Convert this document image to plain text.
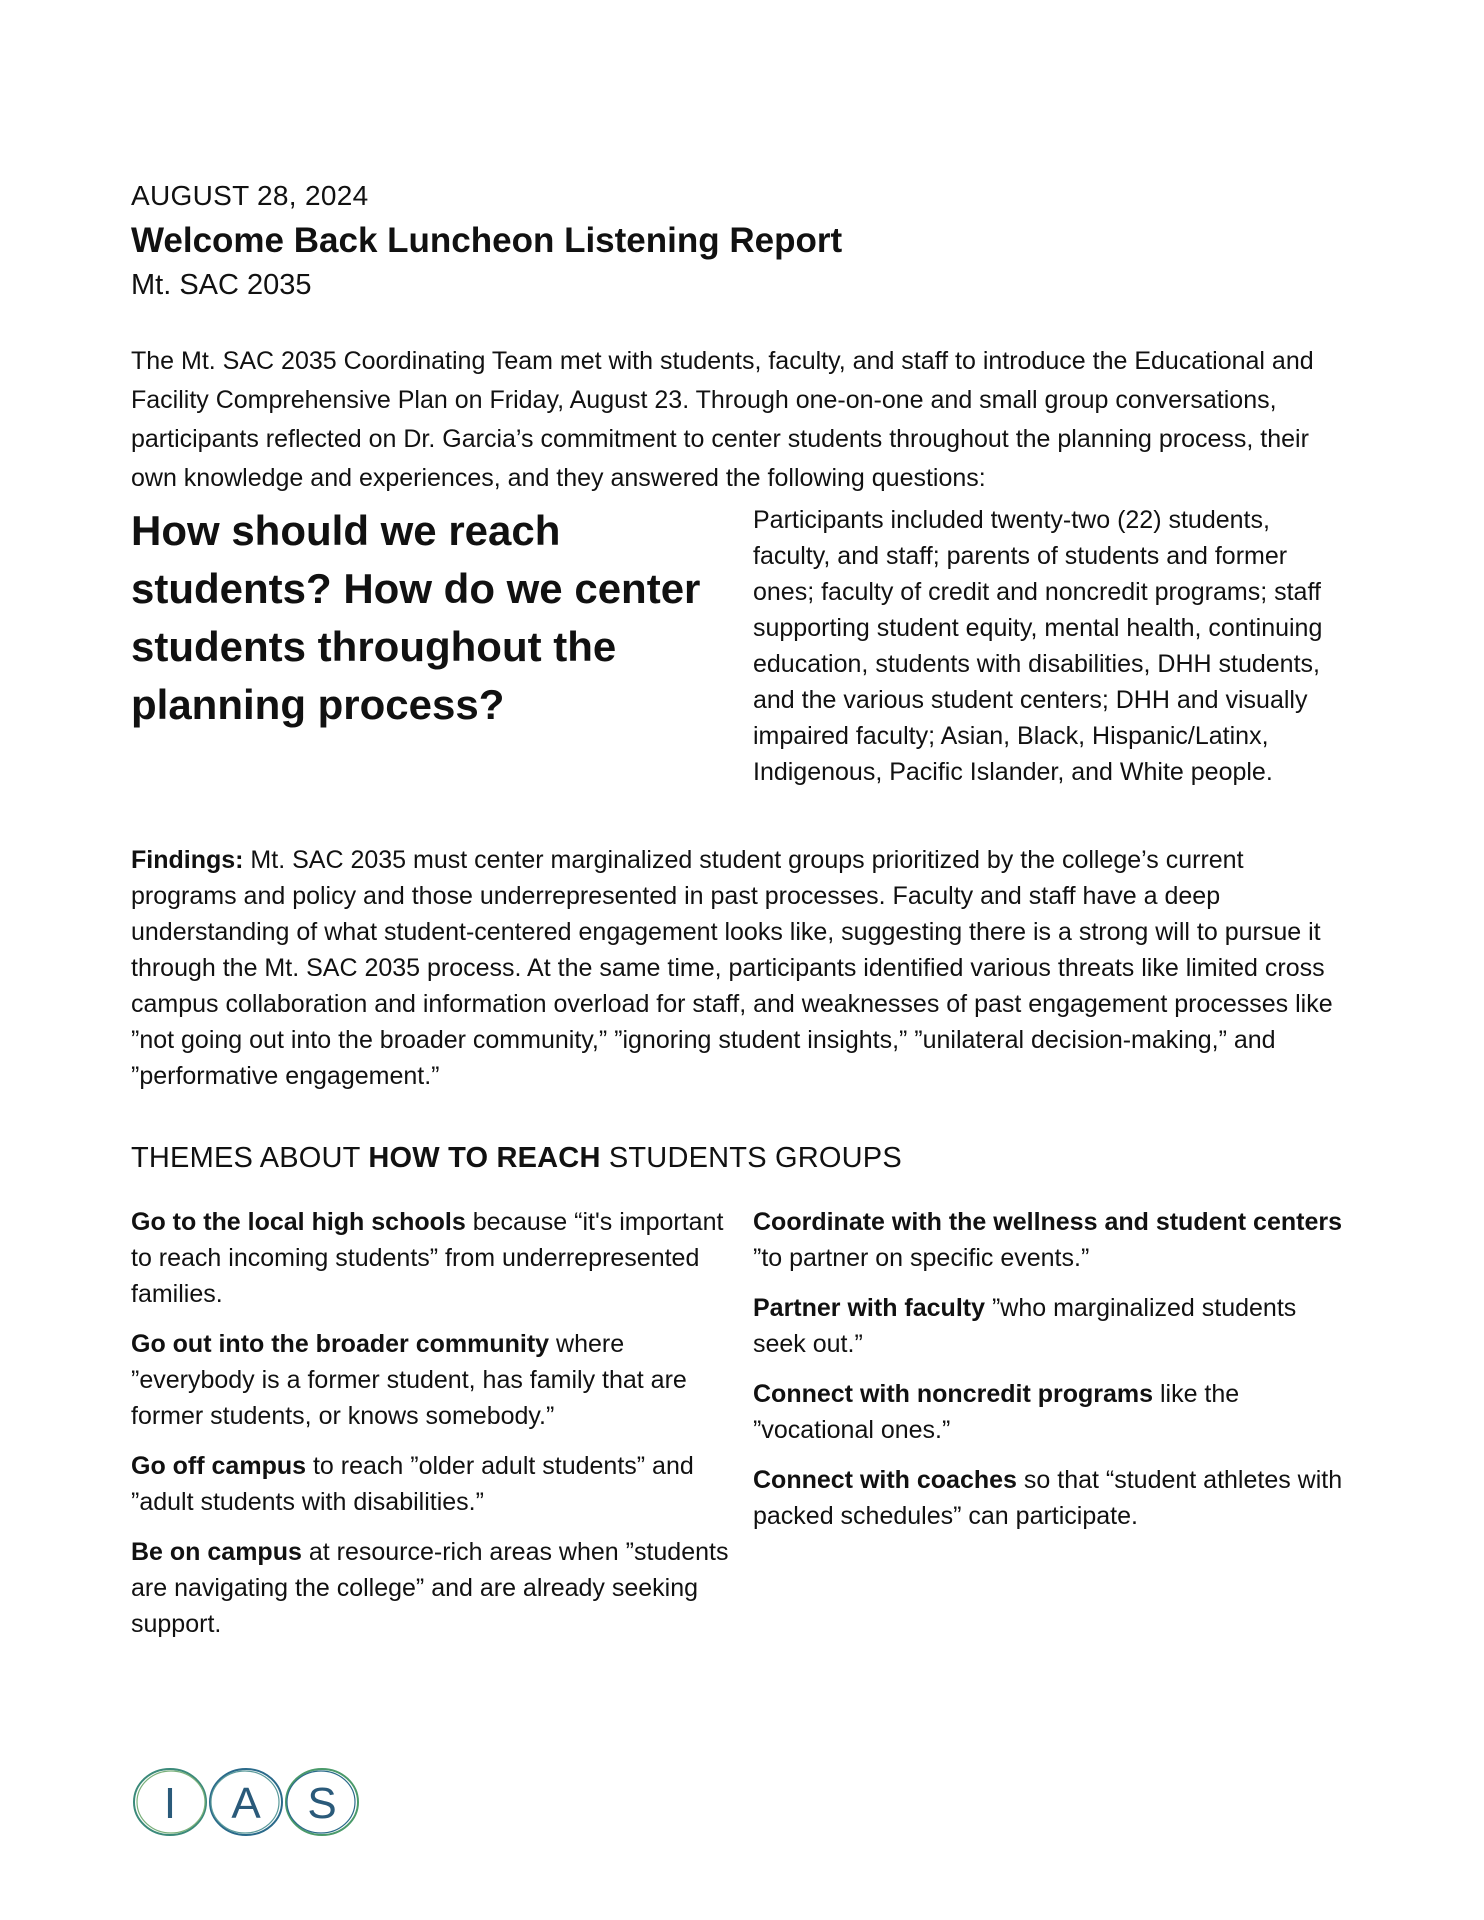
AUGUST 28, 2024
Welcome Back Luncheon Listening Report
Mt. SAC 2035

The Mt. SAC 2035 Coordinating Team met with students, faculty, and staff to introduce the Educational and Facility Comprehensive Plan on Friday, August 23. Through one-on-one and small group conversations, participants reflected on Dr. Garcia’s commitment to center students throughout the planning process, their own knowledge and experiences, and they answered the following questions:

How should we reach students? How do we center students throughout the planning process?
Participants included twenty-two (22) students, faculty, and staff; parents of students and former ones; faculty of credit and noncredit programs; staff supporting student equity, mental health, continuing education, students with disabilities, DHH students, and the various student centers; DHH and visually impaired faculty; Asian, Black, Hispanic/Latinx, Indigenous, Pacific Islander, and White people.

Findings: Mt. SAC 2035 must center marginalized student groups prioritized by the college’s current programs and policy and those underrepresented in past processes. Faculty and staff have a deep understanding of what student-centered engagement looks like, suggesting there is a strong will to pursue it through the Mt. SAC 2035 process. At the same time, participants identified various threats like limited cross campus collaboration and information overload for staff, and weaknesses of past engagement processes like ”not going out into the broader community,” ”ignoring student insights,” ”unilateral decision-making,” and ”performative engagement.”

THEMES ABOUT HOW TO REACH STUDENTS GROUPS
Go to the local high schools because “it's important to reach incoming students” from underrepresented families.
Go out into the broader community where ”everybody is a former student, has family that are former students, or knows somebody.”
Go off campus to reach ”older adult students” and ”adult students with disabilities.”
Be on campus at resource-rich areas when ”students are navigating the college” and are already seeking support.
Coordinate with the wellness and student centers ”to partner on specific events.”
Partner with faculty ”who marginalized students seek out.”
Connect with noncredit programs like the ”vocational ones.”
Connect with coaches so that “student athletes with packed schedules” can participate.
I A S
